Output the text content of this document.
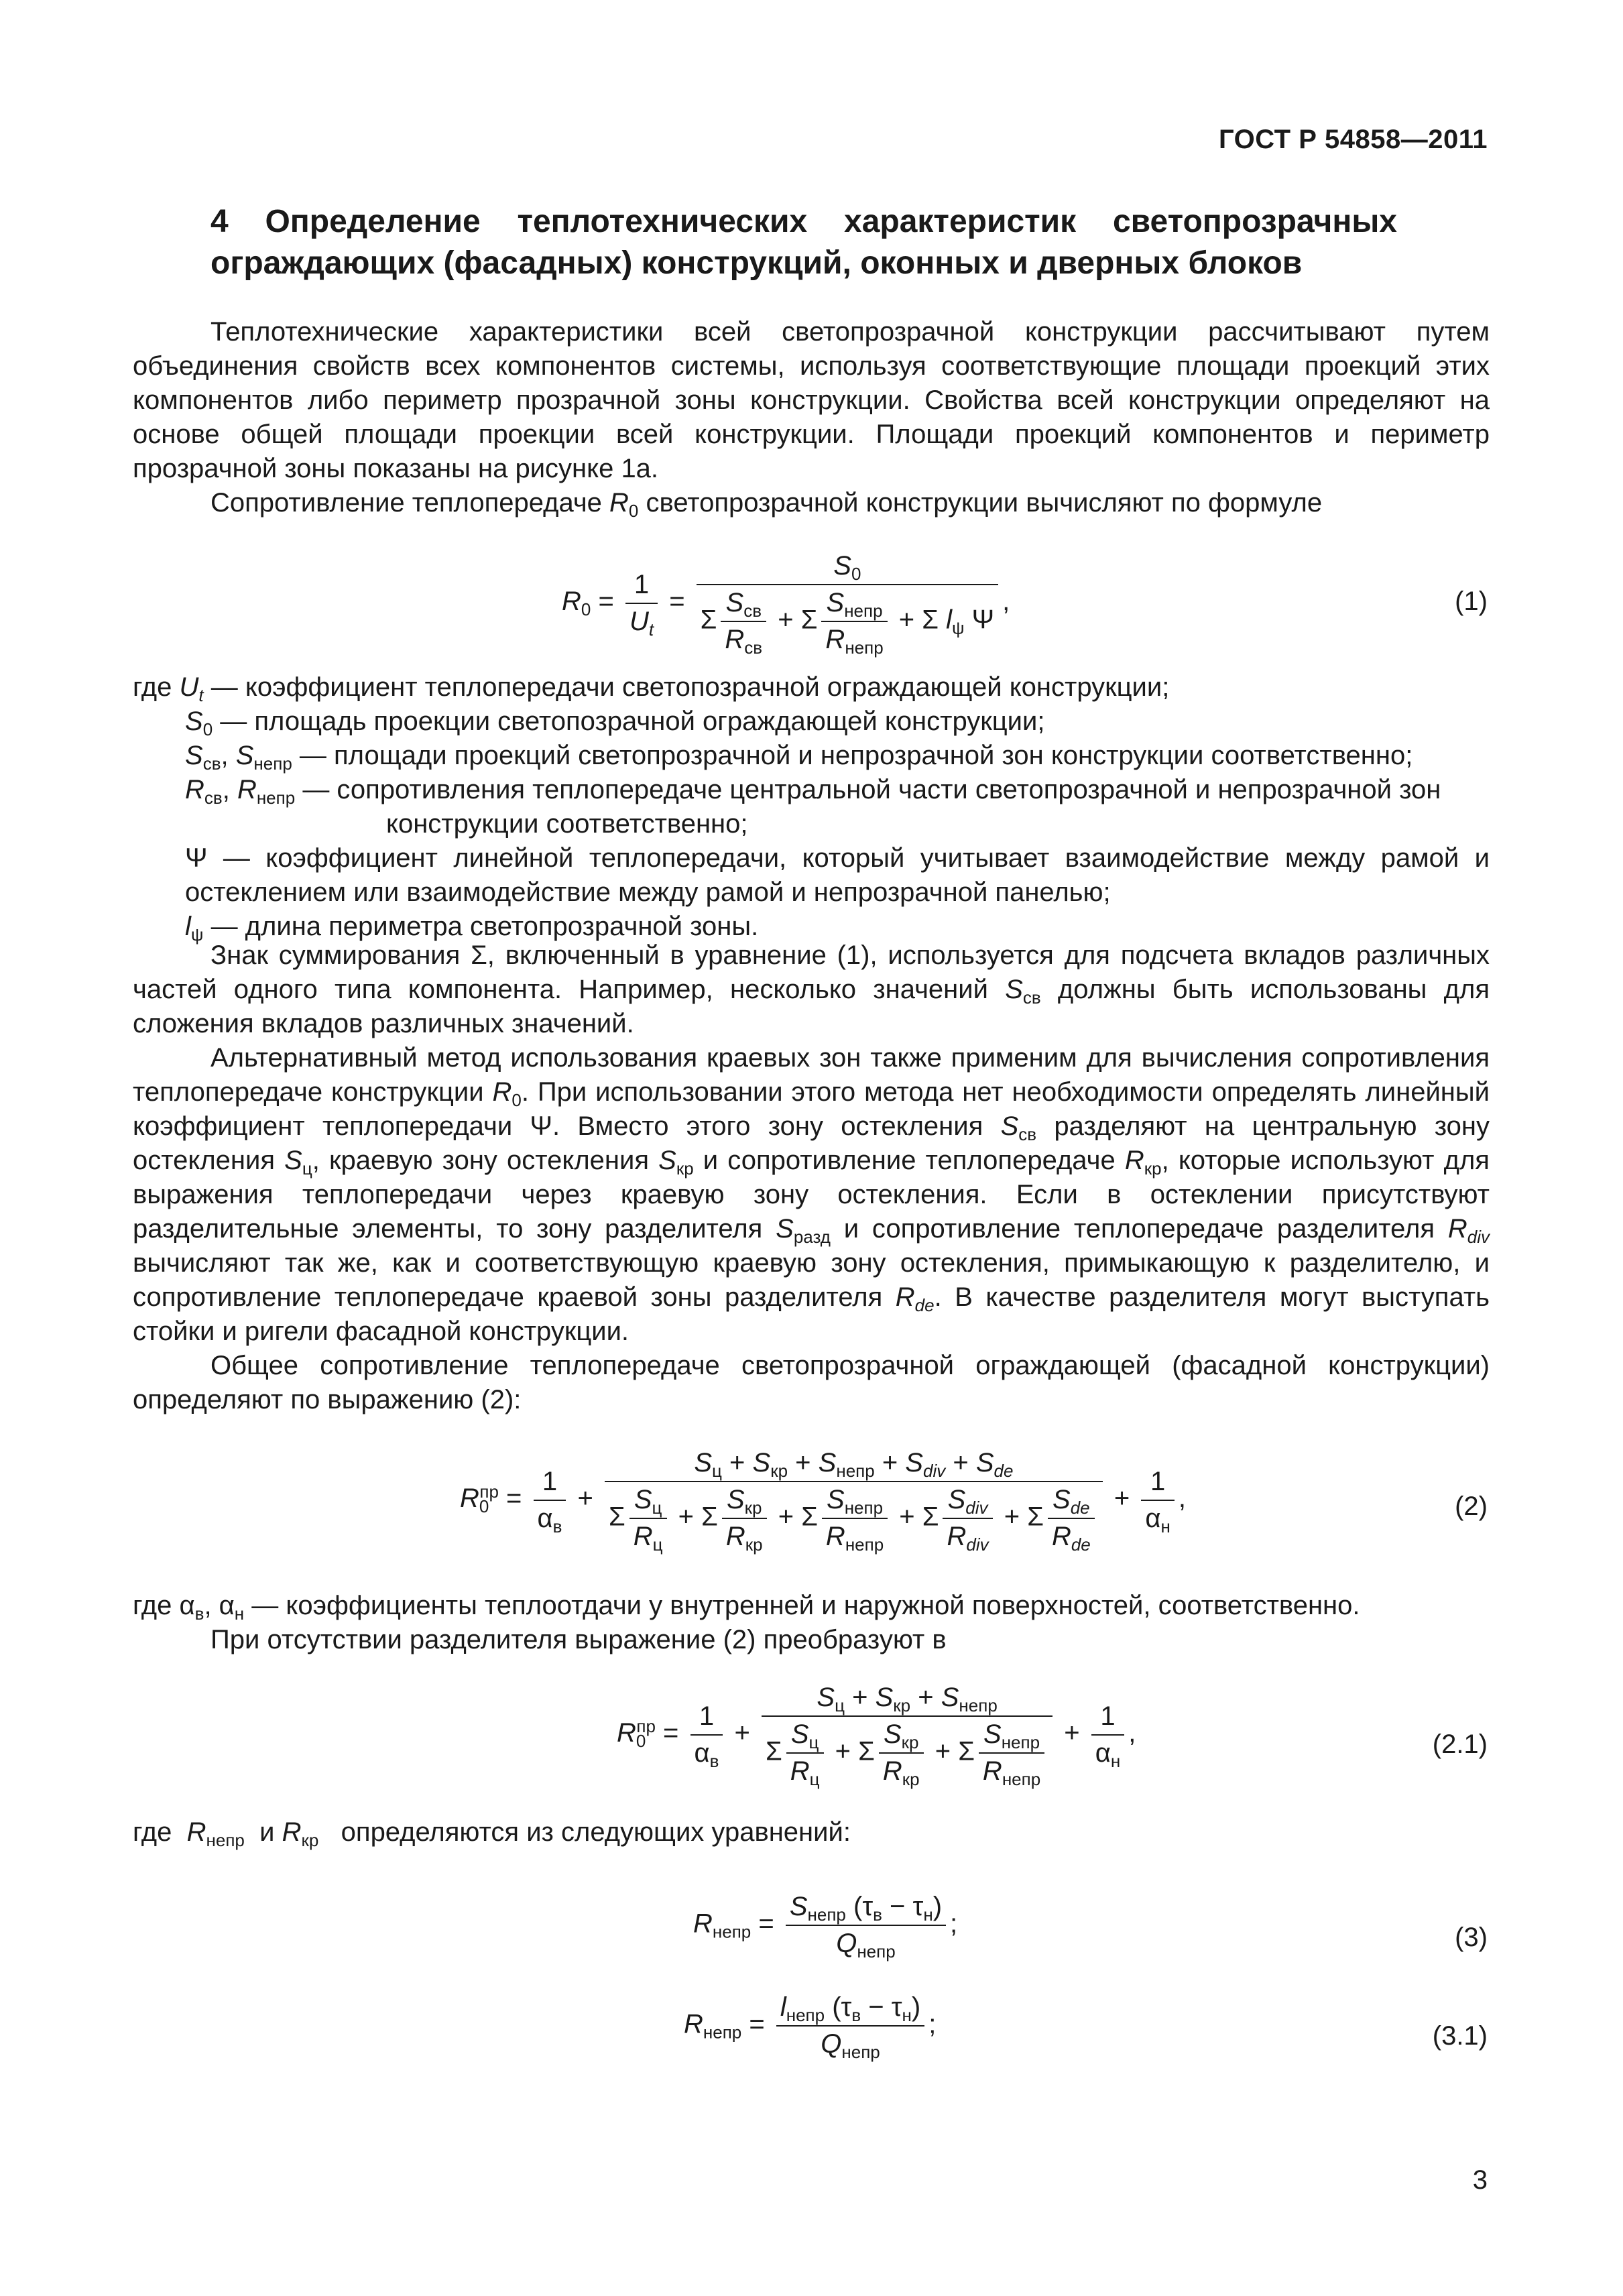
ГОСТ Р 54858—2011
4 Определение теплотехнических характеристик светопрозрачных
ограждающих (фасадных) конструкций, оконных и дверных блоков

Теплотехнические характеристики всей светопрозрачной конструкции рассчитывают путем объединения свойств всех компонентов системы, используя соответствующие площади проекций этих компонентов либо периметр прозрачной зоны конструкции. Свойства всей конструкции определяют на основе общей площади проекции всей конструкции. Площади проекций компонентов и периметр прозрачной зоны показаны на рисунке 1а.

Сопротивление теплопередаче $R_0$ светопрозрачной конструкции вычисляют по формуле

$R_0 = \frac{1}{U_t} = \frac{S_0}{\Sigma \frac{S_{св}}{R_{св}} + \Sigma \frac{S_{непр}}{R_{непр}} + \Sigma l_\psi \Psi}$ ,	(1)
где $U_t$ — коэффициент теплопередачи светопозрачной ограждающей конструкции;
$S_0$ — площадь проекции светопозрачной ограждающей конструкции;
$S_{св}$, $S_{непр}$ — площади проекций светопрозрачной и непрозрачной зон конструкции соответственно;
$R_{св}$, $R_{непр}$ — сопротивления теплопередаче центральной части светопрозрачной и непрозрачной зон
конструкции соответственно;
Ψ — коэффициент линейной теплопередачи, который учитывает взаимодействие между рамой и остеклением или взаимодействие между рамой и непрозрачной панелью;
$l_\psi$ — длина периметра светопрозрачной зоны.

Знак суммирования Σ, включенный в уравнение (1), используется для подсчета вкладов различных частей одного типа компонента. Например, несколько значений $S_{св}$ должны быть использованы для сложения вкладов различных значений.

Альтернативный метод использования краевых зон также применим для вычисления сопротивления теплопередаче конструкции $R_0$. При использовании этого метода нет необходимости определять линейный коэффициент теплопередачи Ψ. Вместо этого зону остекления $S_{св}$ разделяют на центральную зону остекления $S_ц$, краевую зону остекления $S_{кр}$ и сопротивление теплопередаче $R_{кр}$, которые используют для выражения теплопередачи через краевую зону остекления. Если в остеклении присутствуют разделительные элементы, то зону разделителя $S_{разд}$ и сопротивление теплопередаче разделителя $R_{div}$ вычисляют так же, как и соответствующую краевую зону остекления, примыкающую к разделителю, и сопротивление теплопередаче краевой зоны разделителя $R_{de}$. В качестве разделителя могут выступать стойки и ригели фасадной конструкции.

Общее сопротивление теплопередаче светопрозрачной ограждающей (фасадной конструкции) определяют по выражению (2):

$R_0^{пр} = \frac{1}{\alpha_в} + \frac{S_ц + S_{кр} + S_{непр} + S_{div} + S_{de}}{\Sigma \frac{S_ц}{R_ц} + \Sigma \frac{S_{кр}}{R_{кр}} + \Sigma \frac{S_{непр}}{R_{непр}} + \Sigma \frac{S_{div}}{R_{div}} + \Sigma \frac{S_{de}}{R_{de}}} + \frac{1}{\alpha_н}$ ,	(2)

где $\alpha_в$, $\alpha_н$ — коэффициенты теплоотдачи у внутренней и наружной поверхностей, соответственно.

При отсутствии разделителя выражение (2) преобразуют в

$R_0^{пр} = \frac{1}{\alpha_в} + \frac{S_ц + S_{кр} + S_{непр}}{\Sigma \frac{S_ц}{R_ц} + \Sigma \frac{S_{кр}}{R_{кр}} + \Sigma \frac{S_{непр}}{R_{непр}}} + \frac{1}{\alpha_н}$ ,	(2.1)

где $R_{непр}$ и $R_{кр}$ определяются из следующих уравнений:

$R_{непр} = \frac{S_{непр} (\tau_в - \tau_н)}{Q_{непр}}$ ;	(3)
$R_{непр} = \frac{l_{непр} (\tau_в - \tau_н)}{Q_{непр}}$ ;	(3.1)
3
